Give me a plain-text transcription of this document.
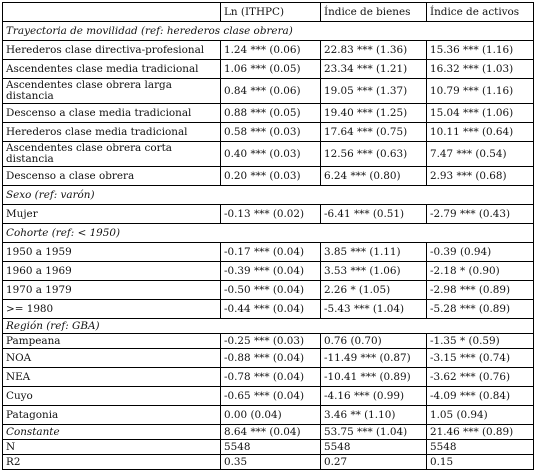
	Ln (ITHPC)	Índice de bienes	Índice de activos
Trayectoria de movilidad (ref: herederos clase obrera)			
Herederos clase directiva-profesional	1.24 *** (0.06)	22.83 *** (1.36)	15.36 *** (1.16)
Ascendentes clase media tradicional	1.06 *** (0.05)	23.34 *** (1.21)	16.32 *** (1.03)
Ascendentes clase obrera larga distancia	0.84 *** (0.06)	19.05 *** (1.37)	10.79 *** (1.16)
Descenso a clase media tradicional	0.88 *** (0.05)	19.40 *** (1.25)	15.04 *** (1.06)
Herederos clase media tradicional	0.58 *** (0.03)	17.64 *** (0.75)	10.11 *** (0.64)
Ascendentes clase obrera corta distancia	0.40 *** (0.03)	12.56 *** (0.63)	7.47 *** (0.54)
Descenso a clase obrera	0.20 *** (0.03)	6.24 *** (0.80)	2.93 *** (0.68)
Sexo (ref: varón)			
Mujer	-0.13 *** (0.02)	-6.41 *** (0.51)	-2.79 *** (0.43)
Cohorte (ref: < 1950)			
1950 a 1959	-0.17 *** (0.04)	3.85 *** (1.11)	-0.39 (0.94)
1960 a 1969	-0.39 *** (0.04)	3.53 *** (1.06)	-2.18 * (0.90)
1970 a 1979	-0.50 *** (0.04)	2.26 * (1.05)	-2.98 *** (0.89)
>= 1980	-0.44 *** (0.04)	-5.43 *** (1.04)	-5.28 *** (0.89)
Región (ref: GBA)			
Pampeana	-0.25 *** (0.03)	0.76 (0.70)	-1.35 * (0.59)
NOA	-0.88 *** (0.04)	-11.49 *** (0.87)	-3.15 *** (0.74)
NEA	-0.78 *** (0.04)	-10.41 *** (0.89)	-3.62 *** (0.76)
Cuyo	-0.65 *** (0.04)	-4.16 *** (0.99)	-4.09 *** (0.84)
Patagonia	0.00 (0.04)	3.46 ** (1.10)	1.05 (0.94)
Constante	8.64 *** (0.04)	53.75 *** (1.04)	21.46 *** (0.89)
N	5548	5548	5548
R2	0.35	0.27	0.15
